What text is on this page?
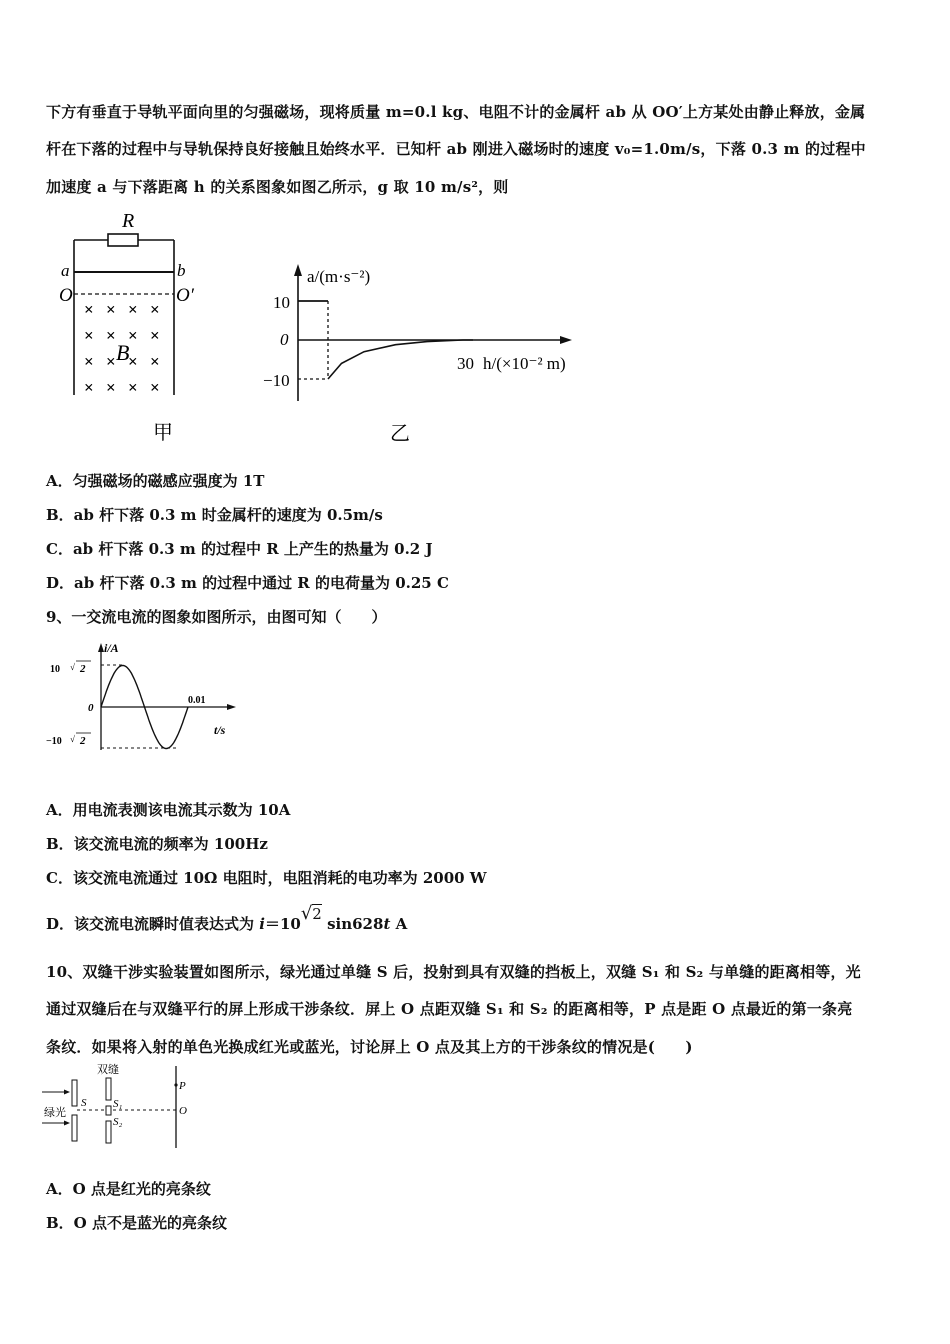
下方有垂直于导轨平面向里的匀强磁场，现将质量 m=0.l kg、电阻不计的金属杆 ab 从 OO′上方某处由静止释放，金属
杆在下落的过程中与导轨保持良好接触且始终水平．已知杆 ab 刚进入磁场时的速度 v₀=1.0m/s，下落 0.3 m 的过程中
加速度 a 与下落距离 h 的关系图象如图乙所示，g 取 10 m/s²，则
R
a	b
O	O′
× × × ×
× × × ×
× × × ×
× × × ×
B
甲
a/(m·s⁻²)
10
0
−10
30 h/(×10⁻² m)
乙
A．匀强磁场的磁感应强度为 1T
B．ab 杆下落 0.3 m 时金属杆的速度为 0.5m/s
C．ab 杆下落 0.3 m 的过程中 R 上产生的热量为 0.2 J
D．ab 杆下落 0.3 m 的过程中通过 R 的电荷量为 0.25 C
9、一交流电流的图象如图所示，由图可知（　　）
i/A
10 √ 2
0
−10 √ 2
0.01
t/s
A．用电流表测该电流其示数为 10A
B．该交流电流的频率为 100Hz
C．该交流电流通过 10Ω 电阻时，电阻消耗的电功率为 2000 W
D．该交流电流瞬时值表达式为 i＝10√2 sin628t A
10、双缝干涉实验装置如图所示，绿光通过单缝 S 后，投射到具有双缝的挡板上，双缝 S₁ 和 S₂ 与单缝的距离相等，光
通过双缝后在与双缝平行的屏上形成干涉条纹．屏上 O 点距双缝 S₁ 和 S₂ 的距离相等，P 点是距 O 点最近的第一条亮
条纹．如果将入射的单色光换成红光或蓝光，讨论屏上 O 点及其上方的干涉条纹的情况是(　　)
双缝
绿光
S S₁
S₂
P
O
A．O 点是红光的亮条纹
B．O 点不是蓝光的亮条纹
